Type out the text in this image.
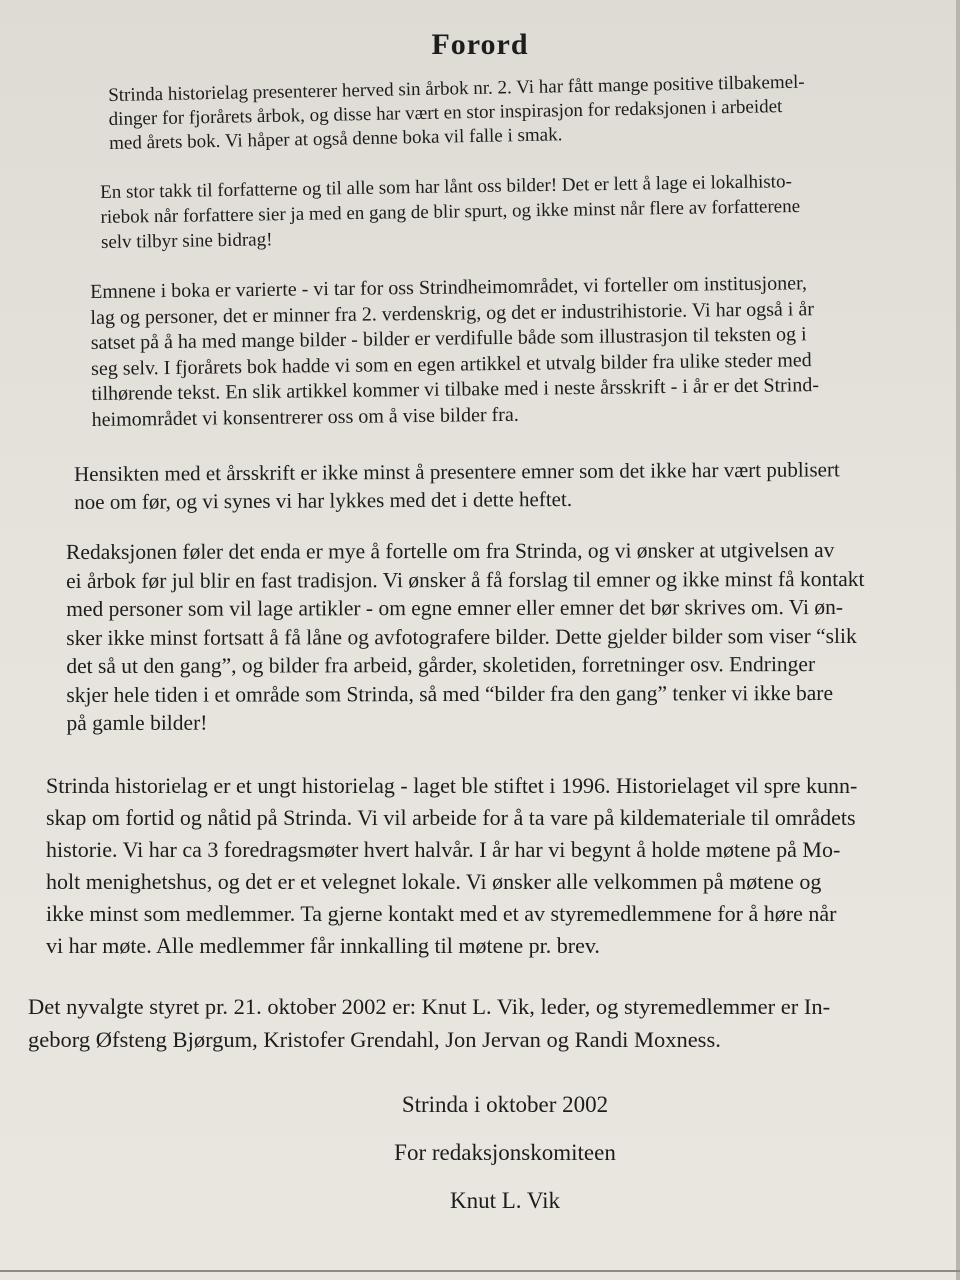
Forord

Strinda historielag presenterer herved sin årbok nr. 2. Vi har fått mange positive tilbakemel-
dinger for fjorårets årbok, og disse har vært en stor inspirasjon for redaksjonen i arbeidet
med årets bok. Vi håper at også denne boka vil falle i smak.

En stor takk til forfatterne og til alle som har lånt oss bilder! Det er lett å lage ei lokalhisto-
riebok når forfattere sier ja med en gang de blir spurt, og ikke minst når flere av forfatterene
selv tilbyr sine bidrag!

Emnene i boka er varierte - vi tar for oss Strindheimområdet, vi forteller om institusjoner,
lag og personer, det er minner fra 2. verdenskrig, og det er industrihistorie. Vi har også i år
satset på å ha med mange bilder - bilder er verdifulle både som illustrasjon til teksten og i
seg selv. I fjorårets bok hadde vi som en egen artikkel et utvalg bilder fra ulike steder med
tilhørende tekst. En slik artikkel kommer vi tilbake med i neste årsskrift - i år er det Strind-
heimområdet vi konsentrerer oss om å vise bilder fra.

Hensikten med et årsskrift er ikke minst å presentere emner som det ikke har vært publisert
noe om før, og vi synes vi har lykkes med det i dette heftet.

Redaksjonen føler det enda er mye å fortelle om fra Strinda, og vi ønsker at utgivelsen av
ei årbok før jul blir en fast tradisjon. Vi ønsker å få forslag til emner og ikke minst få kontakt
med personer som vil lage artikler - om egne emner eller emner det bør skrives om. Vi øn-
sker ikke minst fortsatt å få låne og avfotografere bilder. Dette gjelder bilder som viser “slik
det så ut den gang”, og bilder fra arbeid, gårder, skoletiden, forretninger osv. Endringer
skjer hele tiden i et område som Strinda, så med “bilder fra den gang” tenker vi ikke bare
på gamle bilder!

Strinda historielag er et ungt historielag - laget ble stiftet i 1996. Historielaget vil spre kunn-
skap om fortid og nåtid på Strinda. Vi vil arbeide for å ta vare på kildemateriale til områdets
historie. Vi har ca 3 foredragsmøter hvert halvår. I år har vi begynt å holde møtene på Mo-
holt menighetshus, og det er et velegnet lokale. Vi ønsker alle velkommen på møtene og
ikke minst som medlemmer. Ta gjerne kontakt med et av styremedlemmene for å høre når
vi har møte. Alle medlemmer får innkalling til møtene pr. brev.

Det nyvalgte styret pr. 21. oktober 2002 er: Knut L. Vik, leder, og styremedlemmer er In-
geborg Øfsteng Bjørgum, Kristofer Grendahl, Jon Jervan og Randi Moxness.

Strinda i oktober 2002

For redaksjonskomiteen

Knut L. Vik
